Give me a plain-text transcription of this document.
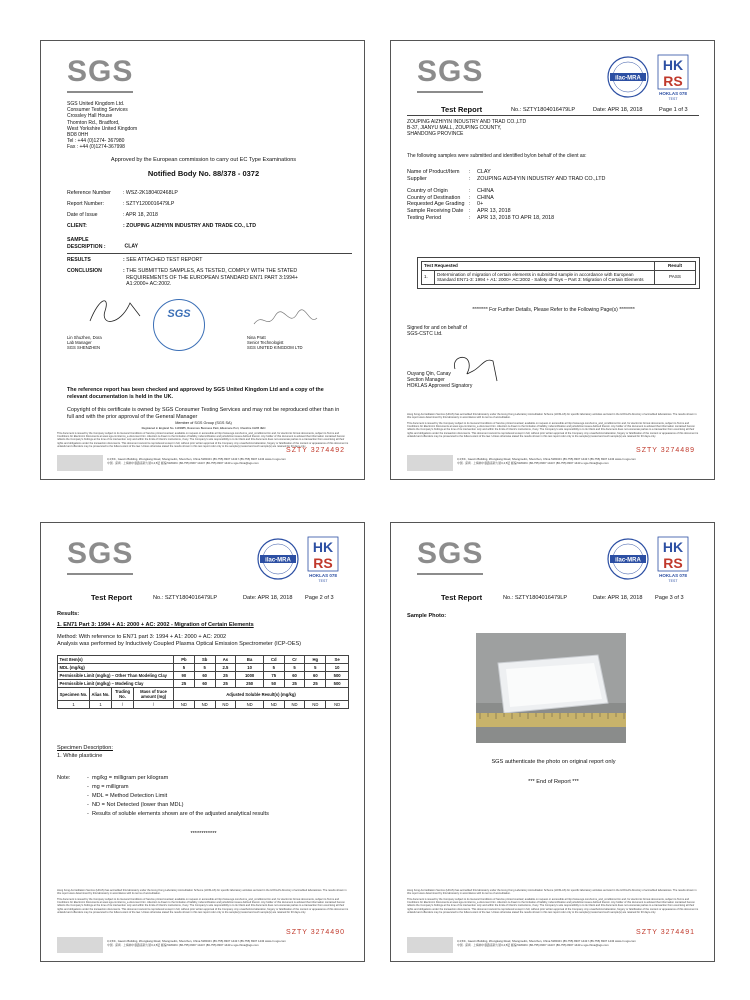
SGS
SGS United Kingdom Ltd.
Consumer Testing Services
Crossley Hall House
Thornton Rd., Bradford,
West Yorkshire United Kingdom
BD8 0HH
Tel : +44 (0)1274- 367980
Fax : +44 (0)1274-367998
Approved by the European commission to carry out EC Type Examinations
Notified Body No. 88/378 - 0372
Reference Number : WSZ-2K180402468LP
Report Number:	: SZTY1200016479LP
Date of Issue	: APR 18, 2018
CLIENT:	: ZOUPING AIZHIYIN INDUSTRY AND TRADE CO., LTD
SAMPLE DESCRIPTION :	CLAY
RESULTS	: SEE ATTACHED TEST REPORT
CONCLUSION	: THE SUBMITTED SAMPLES, AS TESTED, COMPLY WITH THE STATED REQUIREMENTS OF THE EUROPEAN STANDARD EN71 PART 3:1994+ A1:2000+ AC:2002.
SGS
Lin Shuzhen, Dora
Lab Manager
SGS SHENZHEN
Nina Pratt
Senior Technologist
SGS UNITED KINGDOM LTD
The reference report has been checked and approved by SGS United Kingdom Ltd and a copy of the relevant documentation is held in the UK.
Copyright of this certificate is owned by SGS Consumer Testing Services and may not be reproduced other than in full and with the prior approval of the General Manager
Member of SGS Group (SGS SA)
Registered in England No. 1193985, Rossmore Business Park, Ellesmere Port, Cheshire CH65 3EN
This document is issued by the Company subject to its General Conditions of Service printed overleaf, available on request or accessible at http://www.sgs.com/terms_and_conditions.htm and, for electronic format documents, subject to Terms and Conditions for Electronic Documents at www.sgs.com/terms_e-document.htm. Attention is drawn to the limitation of liability, indemnification and jurisdiction issues defined therein. Any holder of this document is advised that information contained hereon reflects the Company's findings at the time of its intervention only and within the limits of Client's instructions, if any. The Company's sole responsibility is to its Client and this document does not exonerate parties to a transaction from exercising all their rights and obligations under the transaction documents. This document cannot be reproduced except in full, without prior written approval of the Company. Any unauthorized alteration, forgery or falsification of the content or appearance of this document is unlawful and offenders may be prosecuted to the fullest extent of the law. Unless otherwise stated the results shown in this test report refer only to the sample(s) tested and such sample(s) are retained for 30 days only.
3,4,5/F., Gaoxin Building, Zhongkang Road, Shangmeilin, Shenzhen, China 518049 t (86-755) 8307 1443 f (86-755) 8307 1443 www.cn.sgs.com
中国 · 深圳 · 上梅林中康路高新大厦3,4,5层 邮编:518049 t (86-755) 8307 1443 f (86-755) 8307 1443 e sgs.china@sgs.com
SZTY 3274492
SGS	ilac-MRA
HK
RS
HOKLAS 078
TEST
Test Report	No.: SZTY1804016479LP	Date: APR 18, 2018	Page 1 of 3
ZOUPING AIZHIYIN INDUSTRY AND TRAD CO.,LTD
B-37, JIANYU MALL, ZOUPING COUNTY,
SHANDONG PROVINCE
The following samples were submitted and identified by/on behalf of the client as:
Name of Product/Item : CLAY
Supplier	: ZOUPING AIZHIYIN INDUSTRY AND TRAD CO.,LTD
Country of Origin	: CHINA
Country of Destination : CHINA
Requested Age Grading : 0+
Sample Receiving Date : APR 13, 2018
Testing Period	: APR 13, 2018 TO APR 18, 2018
Test Requested		Result
1.	Determination of migration of certain elements in submitted sample in accordance with European Standard EN71-3: 1994 + A1: 2000+ AC:2002 - Safety of Toys – Part 3: Migration of Certain Elements	PASS
******** For Further Details, Please Refer to the Following Page(s) ********
Signed for and on behalf of
SGS-CSTC Ltd.
Ouyang Qin, Canay
Section Manager
HOKLAS Approved Signatory
Hong Kong Accreditation Service (HKAS) has accredited this laboratory under the Hong Kong Laboratory Accreditation Scheme (HOKLAS) for specific laboratory activities as listed in the HOKLAS directory of accredited laboratories. The results shown in this report were determined by this laboratory in accordance with its terms of accreditation.
This document is issued by the Company subject to its General Conditions of Service printed overleaf, available on request or accessible at http://www.sgs.com/terms_and_conditions.htm and, for electronic format documents, subject to Terms and Conditions for Electronic Documents at www.sgs.com/terms_e-document.htm. Attention is drawn to the limitation of liability, indemnification and jurisdiction issues defined therein. Any holder of this document is advised that information contained hereon reflects the Company's findings at the time of its intervention only and within the limits of Client's instructions, if any. The Company's sole responsibility is to its Client and this document does not exonerate parties to a transaction from exercising all their rights and obligations under the transaction documents. This document cannot be reproduced except in full, without prior written approval of the Company. Any unauthorized alteration, forgery or falsification of the content or appearance of this document is unlawful and offenders may be prosecuted to the fullest extent of the law. Unless otherwise stated the results shown in this test report refer only to the sample(s) tested and such sample(s) are retained for 30 days only.
3,4,5/F., Gaoxin Building, Zhongkang Road, Shangmeilin, Shenzhen, China 518049 t (86-755) 8307 1443 f (86-755) 8307 1443 www.cn.sgs.com
中国 · 深圳 · 上梅林中康路高新大厦3,4,5层 邮编:518049 t (86-755) 8307 1443 f (86-755) 8307 1443 e sgs.china@sgs.com
SZTY 3274489
SGS	ilac-MRA
HK
RS
HOKLAS 078
TEST
Test Report	No.: SZTY1804016479LP	Date: APR 18, 2018 Page 2 of 3
Results:
1. EN71 Part 3: 1994 + A1: 2000 + AC: 2002 - Migration of Certain Elements
Method: With reference to EN71 part 3: 1994 + A1: 2000 + AC: 2002
Analysis was performed by Inductively Coupled Plasma Optical Emission Spectrometer (ICP-OES)
Test Item(s)				Pb	Sb	As	Ba	Cd	Cr	Hg	Se
MDL (mg/kg)				5	5	2.5	10	5	5	5	10
Permissible Limit (mg/kg) – Other Than Modeling Clay				90	60	25	1000	75	60	60	500
Permissible Limit (mg/kg) – Modeling Clay				25	60	25	250	50	25	25	500
Specimen No.	Alias No.	Trading No.	Mass of trace amount (mg)	Adjusted Soluble Result(s) (mg/kg)							
1	1	/	/	ND	ND	ND	ND	ND	ND	ND	ND
Specimen Description:
1. White plasticine
Note:	-  mg/kg = milligram per kilogram
-  mg = milligram
-  MDL = Method Detection Limit
-  ND = Not Detected (lower than MDL)
-  Results of soluble elements shown are of the adjusted analytical results
************
Hong Kong Accreditation Service (HKAS) has accredited this laboratory under the Hong Kong Laboratory Accreditation Scheme (HOKLAS) for specific laboratory activities as listed in the HOKLAS directory of accredited laboratories. The results shown in this report were determined by this laboratory in accordance with its terms of accreditation.
This document is issued by the Company subject to its General Conditions of Service printed overleaf, available on request or accessible at http://www.sgs.com/terms_and_conditions.htm and, for electronic format documents, subject to Terms and Conditions for Electronic Documents at www.sgs.com/terms_e-document.htm. Attention is drawn to the limitation of liability, indemnification and jurisdiction issues defined therein. Any holder of this document is advised that information contained hereon reflects the Company's findings at the time of its intervention only and within the limits of Client's instructions, if any. The Company's sole responsibility is to its Client and this document does not exonerate parties to a transaction from exercising all their rights and obligations under the transaction documents. This document cannot be reproduced except in full, without prior written approval of the Company. Any unauthorized alteration, forgery or falsification of the content or appearance of this document is unlawful and offenders may be prosecuted to the fullest extent of the law. Unless otherwise stated the results shown in this test report refer only to the sample(s) tested and such sample(s) are retained for 30 days only.
3,4,5/F., Gaoxin Building, Zhongkang Road, Shangmeilin, Shenzhen, China 518049 t (86-755) 8307 1443 f (86-755) 8307 1443 www.cn.sgs.com
中国 · 深圳 · 上梅林中康路高新大厦3,4,5层 邮编:518049 t (86-755) 8307 1443 f (86-755) 8307 1443 e sgs.china@sgs.com
SZTY 3274490
SGS	ilac-MRA
HK
RS
HOKLAS 078
TEST
Test Report	No.: SZTY1804016479LP	Date: APR 18, 2018 Page 3 of 3
Sample Photo:
SGS authenticate the photo on original report only
*** End of Report ***
Hong Kong Accreditation Service (HKAS) has accredited this laboratory under the Hong Kong Laboratory Accreditation Scheme (HOKLAS) for specific laboratory activities as listed in the HOKLAS directory of accredited laboratories. The results shown in this report were determined by this laboratory in accordance with its terms of accreditation.
This document is issued by the Company subject to its General Conditions of Service printed overleaf, available on request or accessible at http://www.sgs.com/terms_and_conditions.htm and, for electronic format documents, subject to Terms and Conditions for Electronic Documents at www.sgs.com/terms_e-document.htm. Attention is drawn to the limitation of liability, indemnification and jurisdiction issues defined therein. Any holder of this document is advised that information contained hereon reflects the Company's findings at the time of its intervention only and within the limits of Client's instructions, if any. The Company's sole responsibility is to its Client and this document does not exonerate parties to a transaction from exercising all their rights and obligations under the transaction documents. This document cannot be reproduced except in full, without prior written approval of the Company. Any unauthorized alteration, forgery or falsification of the content or appearance of this document is unlawful and offenders may be prosecuted to the fullest extent of the law. Unless otherwise stated the results shown in this test report refer only to the sample(s) tested and such sample(s) are retained for 30 days only.
3,4,5/F., Gaoxin Building, Zhongkang Road, Shangmeilin, Shenzhen, China 518049 t (86-755) 8307 1443 f (86-755) 8307 1443 www.cn.sgs.com
中国 · 深圳 · 上梅林中康路高新大厦3,4,5层 邮编:518049 t (86-755) 8307 1443 f (86-755) 8307 1443 e sgs.china@sgs.com
SZTY 3274491
